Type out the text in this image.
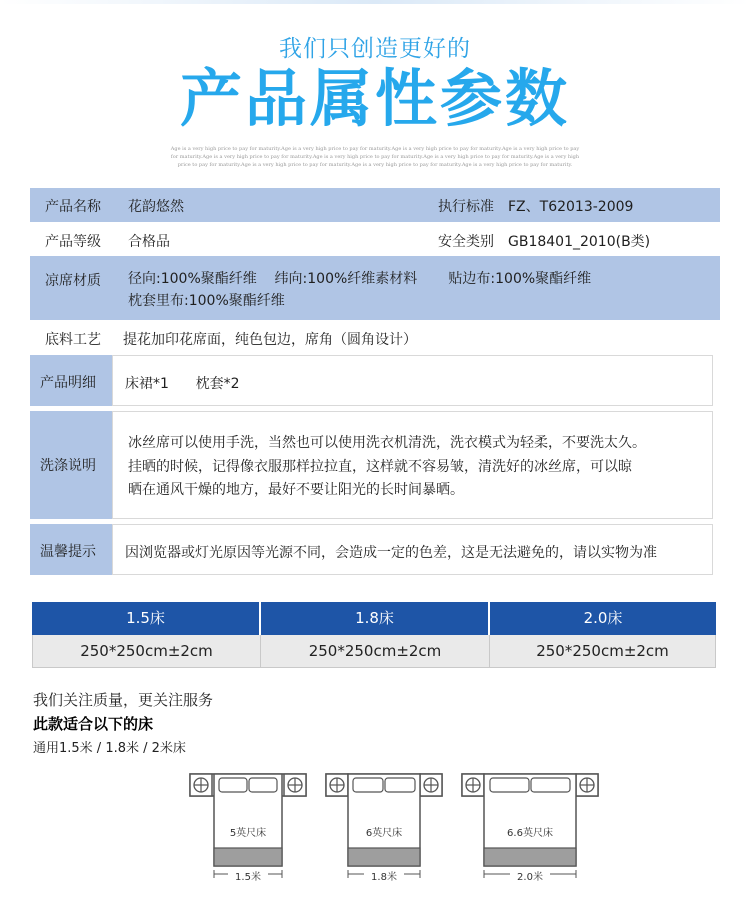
我们只创造更好的
产品属性参数
Age is a very high price to pay for maturity.Age is a very high price to pay for maturity.Age is a very high price to pay for maturity.Age is a very high price to pay for maturity.Age is a very high price to pay for maturity.Age is a very high price to pay for maturity.Age is a very high price to pay for maturity.Age is a very high price to pay for maturity.Age is a very high price to pay for maturity.Age is a very high price to pay for maturity.Age is a very high price to pay for maturity.
产品名称 花韵悠然	执行标准 FZ、T62013-2009
产品等级 合格品	安全类别 GB18401_2010(B类)
凉席材质 径向:100%聚酯纤维    纬向:100%纤维素材料       贴边布:100%聚酯纤维
枕套里布:100%聚酯纤维
底料工艺 提花加印花席面，纯色包边，席角（圆角设计）
产品明细 床裙*1      枕套*2
洗涤说明
冰丝席可以使用手洗，当然也可以使用洗衣机清洗，洗衣模式为轻柔，不要洗太久。
挂晒的时候，记得像衣服那样拉拉直，这样就不容易皱，清洗好的冰丝席，可以晾
晒在通风干燥的地方，最好不要让阳光的长时间暴晒。
温馨提示 因浏览器或灯光原因等光源不同，会造成一定的色差，这是无法避免的，请以实物为准
1.5床	1.8床	2.0床
250*250cm±2cm	250*250cm±2cm	250*250cm±2cm
我们关注质量，更关注服务
此款适合以下的床
通用1.5米 / 1.8米 / 2米床
5英尺床
1.5米
6英尺床
1.8米
6.6英尺床
2.0米
